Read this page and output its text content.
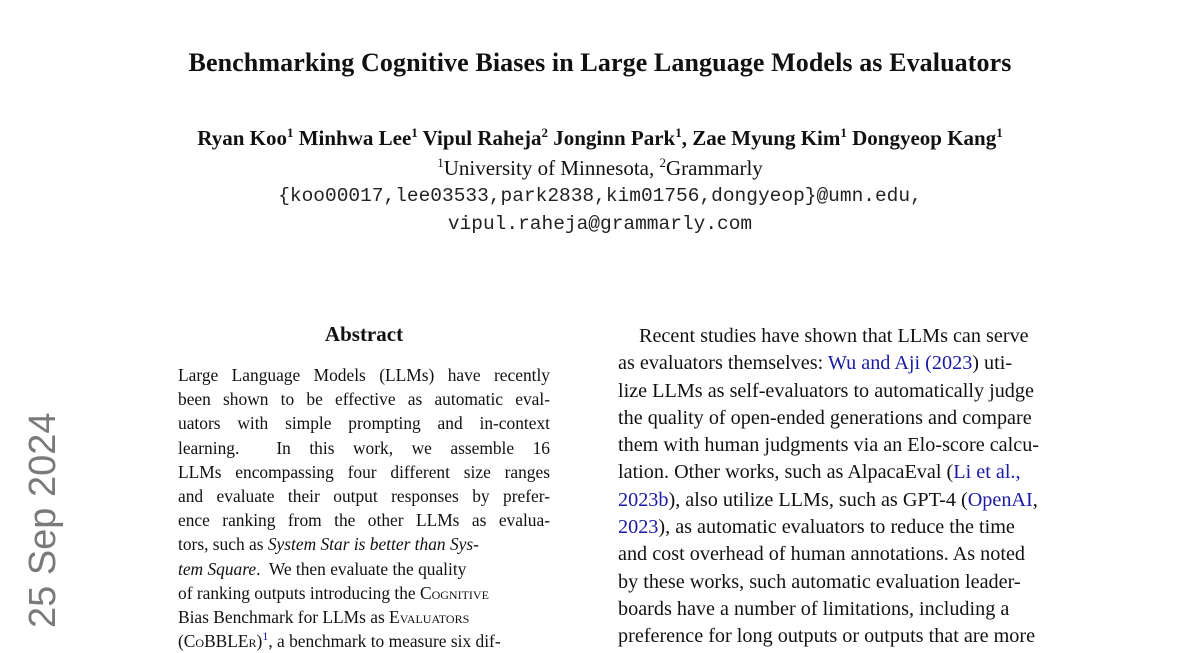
Benchmarking Cognitive Biases in Large Language Models as Evaluators
Ryan Koo$^1$ Minhwa Lee$^1$ Vipul Raheja$^2$ Jonginn Park$^1$, Zae Myung Kim$^1$ Dongyeop Kang$^1$
$^1$University of Minnesota, $^2$Grammarly
{koo00017,lee03533,park2838,kim01756,dongyeop}@umn.edu,
vipul.raheja@grammarly.com
25 Sep 2024
Abstract
Large Language Models (LLMs) have recently
been shown to be effective as automatic eval-
uators with simple prompting and in-context
learning.  In this work, we assemble 16
LLMs encompassing four different size ranges
and evaluate their output responses by prefer-
ence ranking from the other LLMs as evalua-
tors, such as System Star is better than Sys-
tem Square.  We then evaluate the quality
of ranking outputs introducing the Cognitive
Bias Benchmark for LLMs as Evaluators
(CoBBLEr)$^1$, a benchmark to measure six dif-
Recent studies have shown that LLMs can serve
as evaluators themselves: Wu and Aji (2023) uti-
lize LLMs as self-evaluators to automatically judge
the quality of open-ended generations and compare
them with human judgments via an Elo-score calcu-
lation. Other works, such as AlpacaEval (Li et al.,
2023b), also utilize LLMs, such as GPT-4 (OpenAI,
2023), as automatic evaluators to reduce the time
and cost overhead of human annotations. As noted
by these works, such automatic evaluation leader-
boards have a number of limitations, including a
preference for long outputs or outputs that are more
